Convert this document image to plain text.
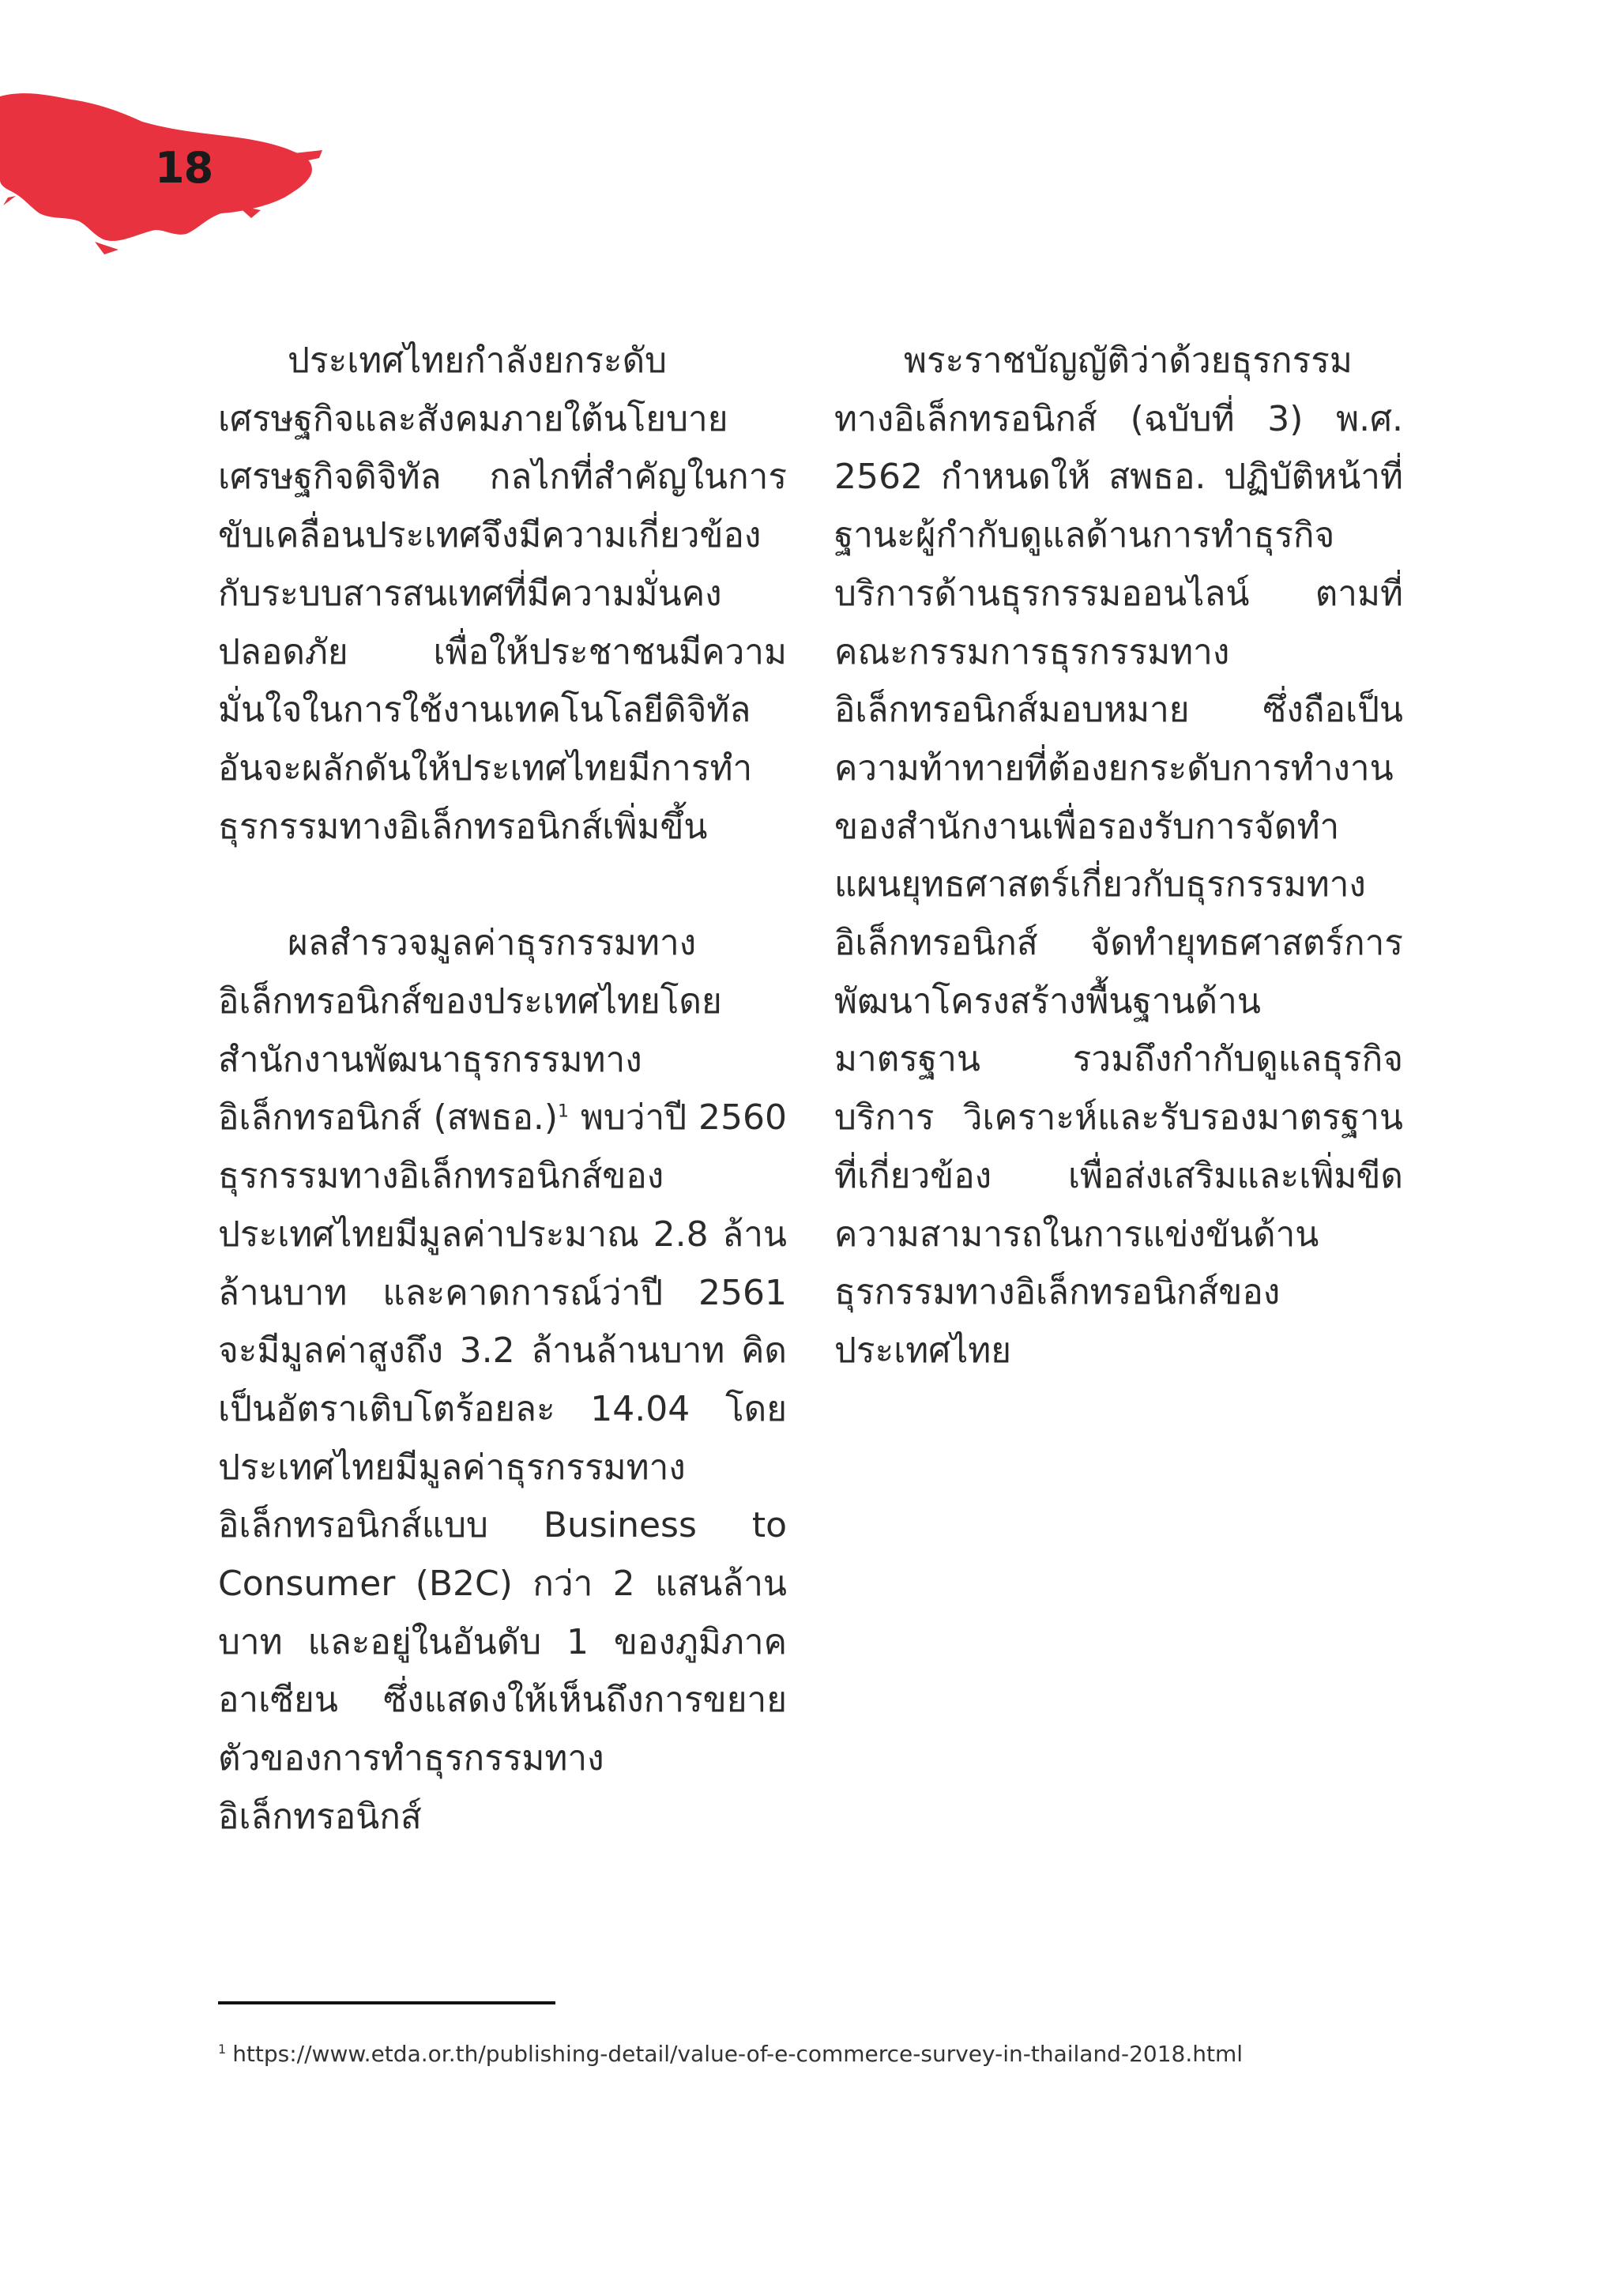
18

ประเทศไทยกำลังยกระดับเศรษฐกิจและสังคมภายใต้นโยบายเศรษฐกิจดิจิทัล กลไกที่สำคัญในการขับเคลื่อนประเทศจึงมีความเกี่ยวข้องกับระบบสารสนเทศที่มีความมั่นคงปลอดภัย เพื่อให้ประชาชนมีความมั่นใจในการใช้งานเทคโนโลยีดิจิทัล อันจะผลักดันให้ประเทศไทยมีการทำธุรกรรมทางอิเล็กทรอนิกส์เพิ่มขึ้น

ผลสำรวจมูลค่าธุรกรรมทางอิเล็กทรอนิกส์ของประเทศไทยโดยสำนักงานพัฒนาธุรกรรมทางอิเล็กทรอนิกส์ (สพธอ.)$^1$ พบว่าปี 2560 ธุรกรรมทางอิเล็กทรอนิกส์ของประเทศไทยมีมูลค่าประมาณ 2.8 ล้านล้านบาท และคาดการณ์ว่าปี 2561 จะมีมูลค่าสูงถึง 3.2 ล้านล้านบาท คิดเป็นอัตราเติบโตร้อยละ 14.04 โดยประเทศไทยมีมูลค่าธุรกรรมทางอิเล็กทรอนิกส์แบบ Business to Consumer (B2C) กว่า 2 แสนล้านบาท และอยู่ในอันดับ 1 ของภูมิภาคอาเซียน ซึ่งแสดงให้เห็นถึงการขยายตัวของการทำธุรกรรมทางอิเล็กทรอนิกส์

พระราชบัญญัติว่าด้วยธุรกรรมทางอิเล็กทรอนิกส์ (ฉบับที่ 3) พ.ศ. 2562 กำหนดให้ สพธอ. ปฏิบัติหน้าที่ฐานะผู้กำกับดูแลด้านการทำธุรกิจบริการด้านธุรกรรมออนไลน์ ตามที่คณะกรรมการธุรกรรมทางอิเล็กทรอนิกส์มอบหมาย ซึ่งถือเป็นความท้าทายที่ต้องยกระดับการทำงานของสำนักงานเพื่อรองรับการจัดทำแผนยุทธศาสตร์เกี่ยวกับธุรกรรมทางอิเล็กทรอนิกส์ จัดทำยุทธศาสตร์การพัฒนาโครงสร้างพื้นฐานด้านมาตรฐาน รวมถึงกำกับดูแลธุรกิจบริการ วิเคราะห์และรับรองมาตรฐานที่เกี่ยวข้อง เพื่อส่งเสริมและเพิ่มขีดความสามารถในการแข่งขันด้านธุรกรรมทางอิเล็กทรอนิกส์ของประเทศไทย

$^1$ https://www.etda.or.th/publishing-detail/value-of-e-commerce-survey-in-thailand-2018.html
